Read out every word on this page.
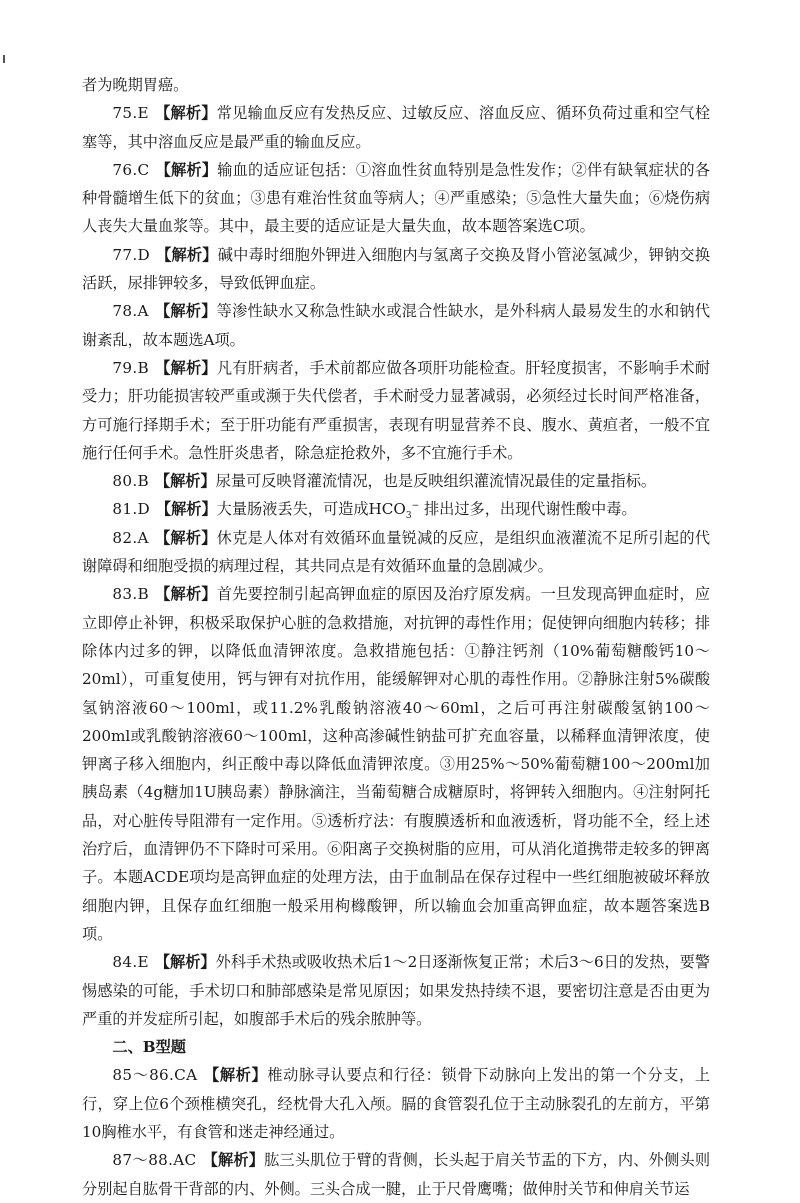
者为晚期胃癌。

75.E 【解析】常见输血反应有发热反应、过敏反应、溶血反应、循环负荷过重和空气栓塞等，其中溶血反应是最严重的输血反应。

76.C 【解析】输血的适应证包括：①溶血性贫血特别是急性发作；②伴有缺氧症状的各种骨髓增生低下的贫血；③患有难治性贫血等病人；④严重感染；⑤急性大量失血；⑥烧伤病人丧失大量血浆等。其中，最主要的适应证是大量失血，故本题答案选C项。

77.D 【解析】碱中毒时细胞外钾进入细胞内与氢离子交换及肾小管泌氢减少，钾钠交换活跃，尿排钾较多，导致低钾血症。

78.A 【解析】等渗性缺水又称急性缺水或混合性缺水，是外科病人最易发生的水和钠代谢紊乱，故本题选A项。

79.B 【解析】凡有肝病者，手术前都应做各项肝功能检查。肝轻度损害，不影响手术耐受力；肝功能损害较严重或濒于失代偿者，手术耐受力显著减弱，必须经过长时间严格准备，方可施行择期手术；至于肝功能有严重损害，表现有明显营养不良、腹水、黄疸者，一般不宜施行任何手术。急性肝炎患者，除急症抢救外，多不宜施行手术。

80.B 【解析】尿量可反映肾灌流情况，也是反映组织灌流情况最佳的定量指标。

81.D 【解析】大量肠液丢失，可造成$HCO_3^-$ 排出过多，出现代谢性酸中毒。

82.A 【解析】休克是人体对有效循环血量锐减的反应，是组织血液灌流不足所引起的代谢障碍和细胞受损的病理过程，其共同点是有效循环血量的急剧减少。

83.B 【解析】首先要控制引起高钾血症的原因及治疗原发病。一旦发现高钾血症时，应立即停止补钾，积极采取保护心脏的急救措施，对抗钾的毒性作用；促使钾向细胞内转移；排除体内过多的钾，以降低血清钾浓度。急救措施包括：①静注钙剂（10%葡萄糖酸钙10～20ml），可重复使用，钙与钾有对抗作用，能缓解钾对心肌的毒性作用。②静脉注射5%碳酸氢钠溶液60～100ml，或11.2%乳酸钠溶液40～60ml，之后可再注射碳酸氢钠100～200ml或乳酸钠溶液60～100ml，这种高渗碱性钠盐可扩充血容量，以稀释血清钾浓度，使钾离子移入细胞内，纠正酸中毒以降低血清钾浓度。③用25%～50%葡萄糖100～200ml加胰岛素（4g糖加1U胰岛素）静脉滴注，当葡萄糖合成糖原时，将钾转入细胞内。④注射阿托品，对心脏传导阻滞有一定作用。⑤透析疗法：有腹膜透析和血液透析，肾功能不全，经上述治疗后，血清钾仍不下降时可采用。⑥阳离子交换树脂的应用，可从消化道携带走较多的钾离子。本题ACDE项均是高钾血症的处理方法，由于血制品在保存过程中一些红细胞被破坏释放细胞内钾，且保存血红细胞一般采用枸橼酸钾，所以输血会加重高钾血症，故本题答案选B项。

84.E 【解析】外科手术热或吸收热术后1～2日逐渐恢复正常；术后3～6日的发热，要警惕感染的可能，手术切口和肺部感染是常见原因；如果发热持续不退，要密切注意是否由更为严重的并发症所引起，如腹部手术后的残余脓肿等。

二、B型题

85～86.CA 【解析】椎动脉寻认要点和行径：锁骨下动脉向上发出的第一个分支，上行，穿上位6个颈椎横突孔，经枕骨大孔入颅。膈的食管裂孔位于主动脉裂孔的左前方，平第10胸椎水平，有食管和迷走神经通过。

87～88.AC 【解析】肱三头肌位于臂的背侧，长头起于肩关节盂的下方，内、外侧头则分别起自肱骨干背部的内、外侧。三头合成一腱，止于尺骨鹰嘴；做伸肘关节和伸肩关节运
